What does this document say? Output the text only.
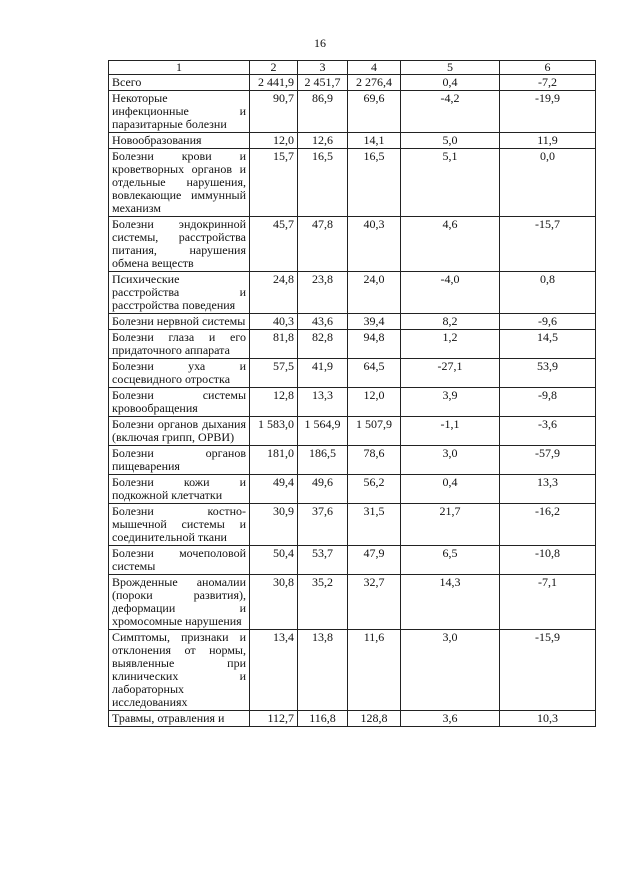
16
1	2	3	4	5	6
Всего	2 441,9	2 451,7	2 276,4	0,4	-7,2
Некоторые инфекционные и паразитарные болезни	90,7	86,9	69,6	-4,2	-19,9
Новообразования	12,0	12,6	14,1	5,0	11,9
Болезни крови и кроветворных органов и отдельные нарушения, вовлекающие иммунный механизм	15,7	16,5	16,5	5,1	0,0
Болезни эндокринной системы, расстройства питания, нарушения обмена веществ	45,7	47,8	40,3	4,6	-15,7
Психические расстройства и расстройства поведения	24,8	23,8	24,0	-4,0	0,8
Болезни нервной системы	40,3	43,6	39,4	8,2	-9,6
Болезни глаза и его придаточного аппарата	81,8	82,8	94,8	1,2	14,5
Болезни уха и сосцевидного отростка	57,5	41,9	64,5	-27,1	53,9
Болезни системы кровообращения	12,8	13,3	12,0	3,9	-9,8
Болезни органов дыхания (включая грипп, ОРВИ)	1 583,0	1 564,9	1 507,9	-1,1	-3,6
Болезни органов пищеварения	181,0	186,5	78,6	3,0	-57,9
Болезни кожи и подкожной клетчатки	49,4	49,6	56,2	0,4	13,3
Болезни костно-мышечной системы и соединительной ткани	30,9	37,6	31,5	21,7	-16,2
Болезни мочеполовой системы	50,4	53,7	47,9	6,5	-10,8
Врожденные аномалии (пороки развития), деформации и хромосомные нарушения	30,8	35,2	32,7	14,3	-7,1
Симптомы, признаки и отклонения от нормы, выявленные при клинических и лабораторных исследованиях	13,4	13,8	11,6	3,0	-15,9
Травмы, отравления и	112,7	116,8	128,8	3,6	10,3
